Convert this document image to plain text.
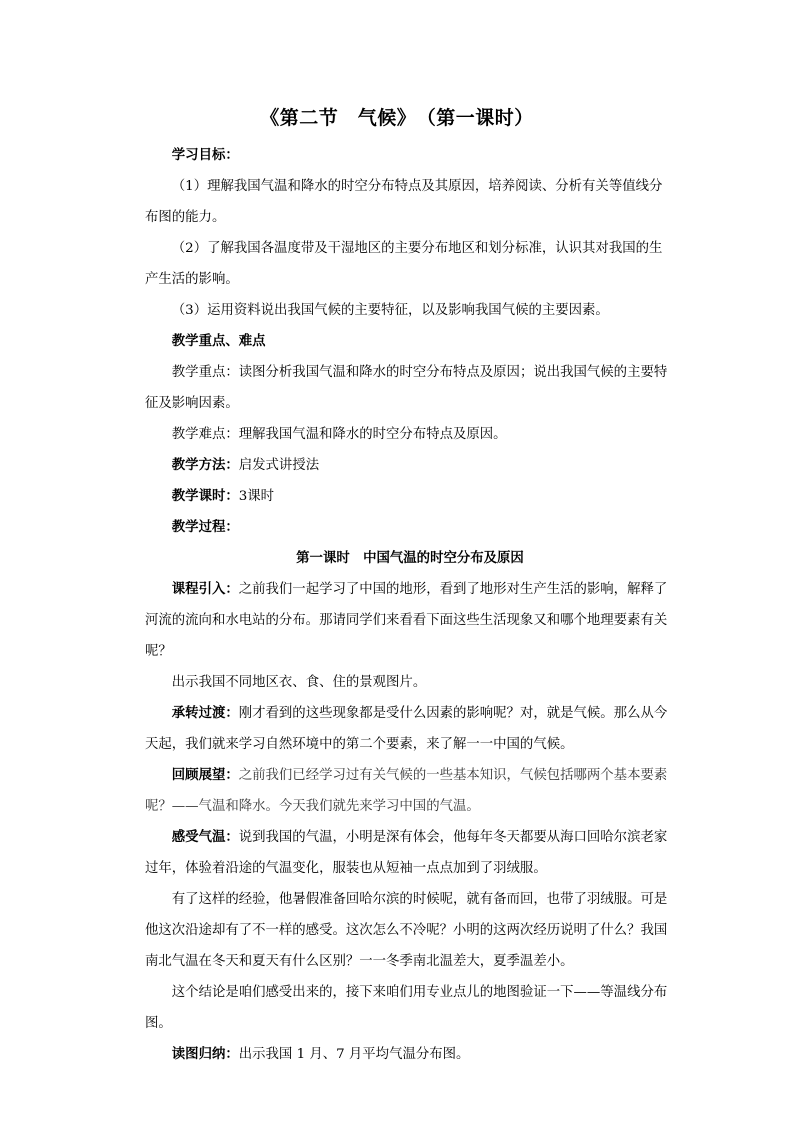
《第二节　气候》　（第一课时）

学习目标：

（1）理解我国气温和降水的时空分布特点及其原因，培养阅读、分析有关等值线分布图的能力。

（2）了解我国各温度带及干湿地区的主要分布地区和划分标准，认识其对我国的生产生活的影响。

（3）运用资料说出我国气候的主要特征，以及影响我国气候的主要因素。

教学重点、难点

教学重点：读图分析我国气温和降水的时空分布特点及原因；说出我国气候的主要特征及影响因素。

教学难点：理解我国气温和降水的时空分布特点及原因。

教学方法：启发式讲授法

教学课时：3课时

教学过程：

第一课时　中国气温的时空分布及原因

课程引入：之前我们一起学习了中国的地形，看到了地形对生产生活的影响，解释了河流的流向和水电站的分布。那请同学们来看看下面这些生活现象又和哪个地理要素有关呢？

出示我国不同地区衣、食、住的景观图片。

承转过渡：刚才看到的这些现象都是受什么因素的影响呢？对，就是气候。那么从今天起，我们就来学习自然环境中的第二个要素，来了解一一中国的气候。

回顾展望：之前我们已经学习过有关气候的一些基本知识，气候包括哪两个基本要素呢？——气温和降水。今天我们就先来学习中国的气温。

感受气温：说到我国的气温，小明是深有体会，他每年冬天都要从海口回哈尔滨老家过年，体验着沿途的气温变化，服装也从短袖一点点加到了羽绒服。

有了这样的经验，他暑假准备回哈尔滨的时候呢，就有备而回，也带了羽绒服。可是他这次沿途却有了不一样的感受。这次怎么不冷呢？小明的这两次经历说明了什么？我国南北气温在冬天和夏天有什么区别？一一冬季南北温差大，夏季温差小。

这个结论是咱们感受出来的，接下来咱们用专业点儿的地图验证一下——等温线分布图。

读图归纳：出示我国 1 月、7 月平均气温分布图。
